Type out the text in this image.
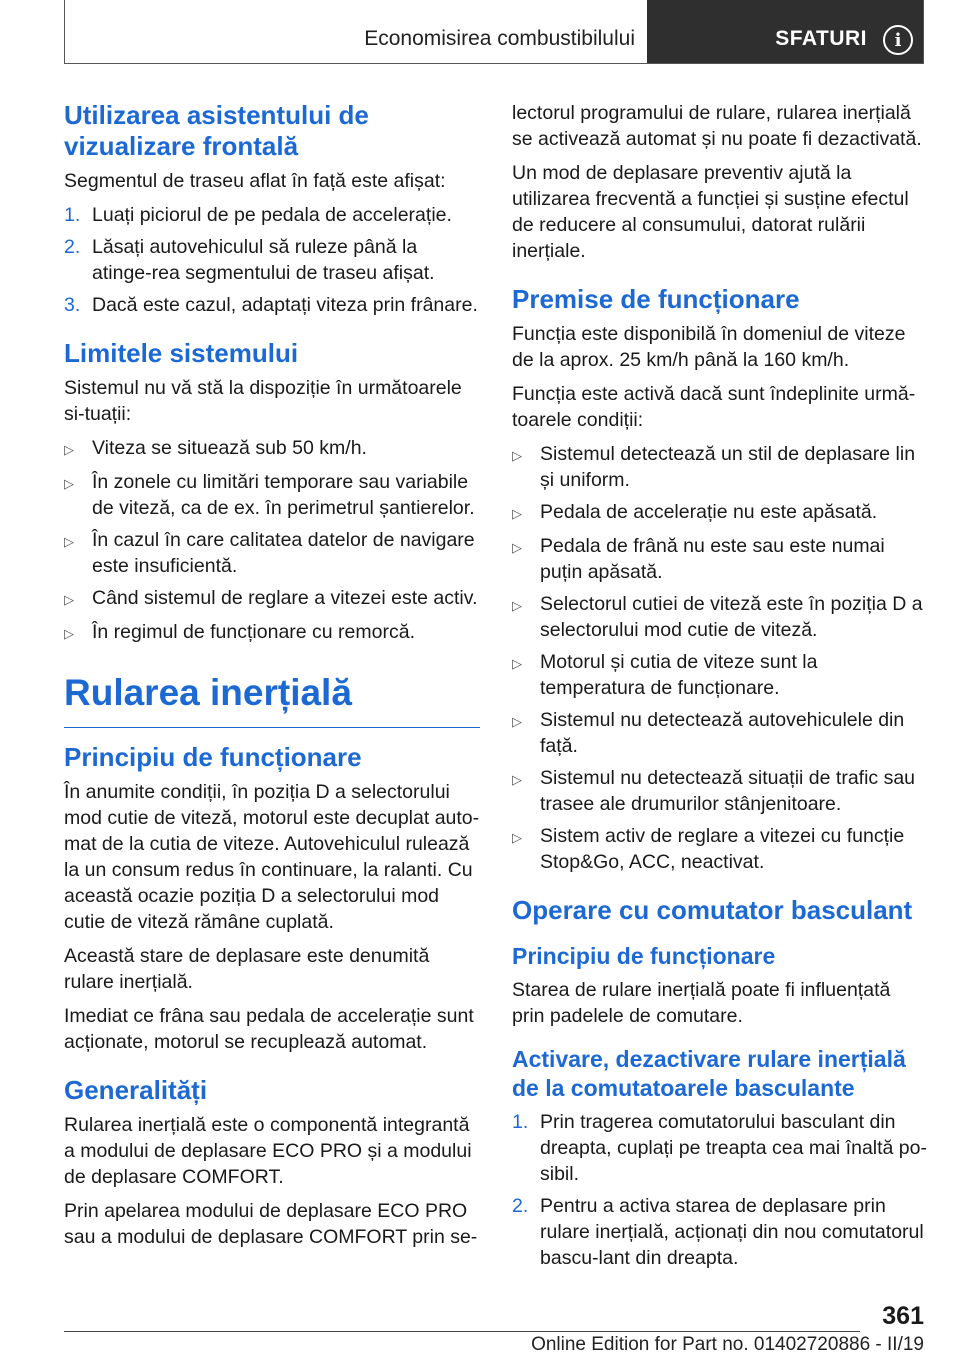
Economisirea combustibilului	SFATURI	i
Utilizarea asistentului de vizualizare frontală

Segmentul de traseu aflat în față este afișat:

1. Luați piciorul de pe pedala de accelerație.
2. Lăsați autovehiculul să ruleze până la atinge-rea segmentului de traseu afișat.
3. Dacă este cazul, adaptați viteza prin frânare.
Limitele sistemului

Sistemul nu vă stă la dispoziție în următoarele si-tuații:

▷ Viteza se situează sub 50 km/h.
▷ În zonele cu limitări temporare sau variabile de viteză, ca de ex. în perimetrul șantierelor.
▷ În cazul în care calitatea datelor de navigare este insuficientă.
▷ Când sistemul de reglare a vitezei este activ.
▷ În regimul de funcționare cu remorcă.
Rularea inerțială
Principiu de funcționare

În anumite condiții, în poziția D a selectorului mod cutie de viteză, motorul este decuplat auto-mat de la cutia de viteze. Autovehiculul rulează la un consum redus în continuare, la ralanti. Cu această ocazie poziția D a selectorului mod cutie de viteză rămâne cuplată.

Această stare de deplasare este denumită rulare inerțială.

Imediat ce frâna sau pedala de accelerație sunt acționate, motorul se recuplează automat.

Generalități

Rularea inerțială este o componentă integrantă a modului de deplasare ECO PRO și a modului de deplasare COMFORT.

Prin apelarea modului de deplasare ECO PRO sau a modului de deplasare COMFORT prin se-

lectorul programului de rulare, rularea inerțială se activează automat și nu poate fi dezactivată.

Un mod de deplasare preventiv ajută la utilizarea frecventă a funcției și susține efectul de reducere al consumului, datorat rulării inerțiale.

Premise de funcționare

Funcția este disponibilă în domeniul de viteze de la aprox. 25 km/h până la 160 km/h.

Funcția este activă dacă sunt îndeplinite urmă-toarele condiții:

▷ Sistemul detectează un stil de deplasare lin și uniform.
▷ Pedala de accelerație nu este apăsată.
▷ Pedala de frână nu este sau este numai puțin apăsată.
▷ Selectorul cutiei de viteză este în poziția D a selectorului mod cutie de viteză.
▷ Motorul și cutia de viteze sunt la temperatura de funcționare.
▷ Sistemul nu detectează autovehiculele din față.
▷ Sistemul nu detectează situații de trafic sau trasee ale drumurilor stânjenitoare.
▷ Sistem activ de reglare a vitezei cu funcție Stop&Go, ACC, neactivat.
Operare cu comutator basculant
Principiu de funcționare

Starea de rulare inerțială poate fi influențată prin padelele de comutare.

Activare, dezactivare rulare inerțială de la comutatoarele basculante
1. Prin tragerea comutatorului basculant din dreapta, cuplați pe treapta cea mai înaltă po-sibil.
2. Pentru a activa starea de deplasare prin rulare inerțială, acționați din nou comutatorul bascu-lant din dreapta.
361
Online Edition for Part no. 01402720886 - II/19
